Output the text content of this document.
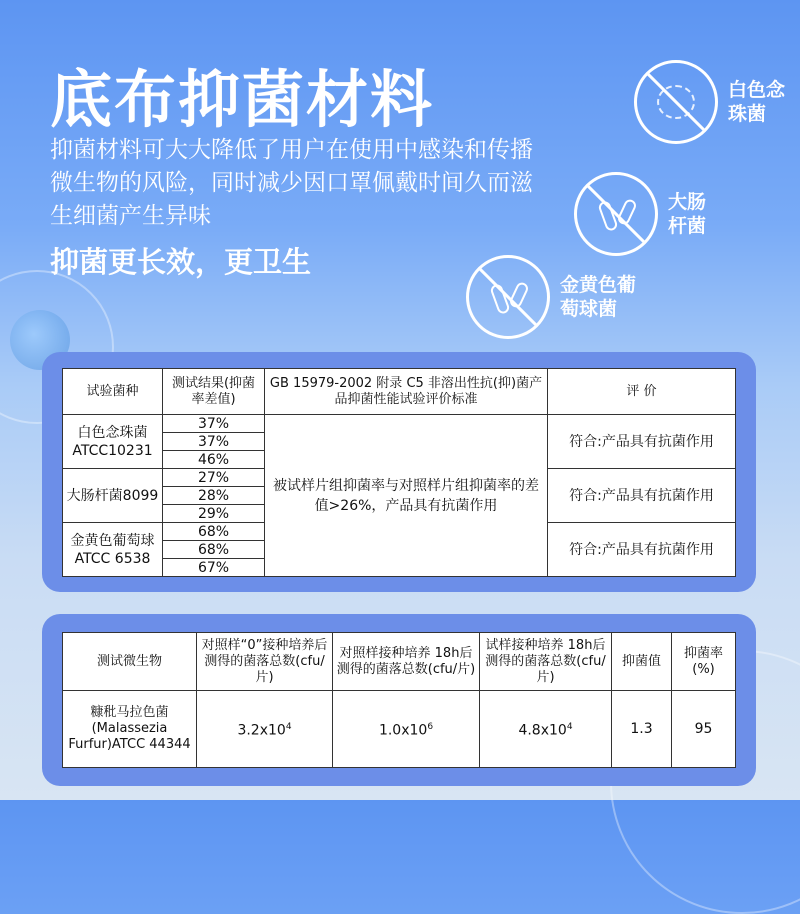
底布抑菌材料
抑菌材料可大大降低了用户在使用中感染和传播微生物的风险，同时减少因口罩佩戴时间久而滋生细菌产生异味
抑菌更长效，更卫生
白色念珠菌
大肠杆菌
金黄色葡萄球菌
试验菌种	测试结果(抑菌率差值)	GB 15979-2002 附录 C5 非溶出性抗(抑)菌产品抑菌性能试验评价标准	评 价
白色念珠菌ATCC10231	37%	被试样片组抑菌率与对照样片组抑菌率的差值>26%，产品具有抗菌作用	符合:产品具有抗菌作用
	37%		
	46%		
大肠杆菌8099	27%		符合:产品具有抗菌作用
	28%		
	29%		
金黄色葡萄球ATCC 6538	68%		符合:产品具有抗菌作用
	68%		
	67%		
测试微生物	对照样“0”接种培养后测得的菌落总数(cfu/片)	对照样接种培养 18h后测得的菌落总数(cfu/片)	试样接种培养 18h后测得的菌落总数(cfu/片)	抑菌值	抑菌率(%)
糠秕马拉色菌(Malassezia Furfur)ATCC 44344	$3.2x10^4$	$1.0x10^6$	$4.8x10^4$	1.3	95
